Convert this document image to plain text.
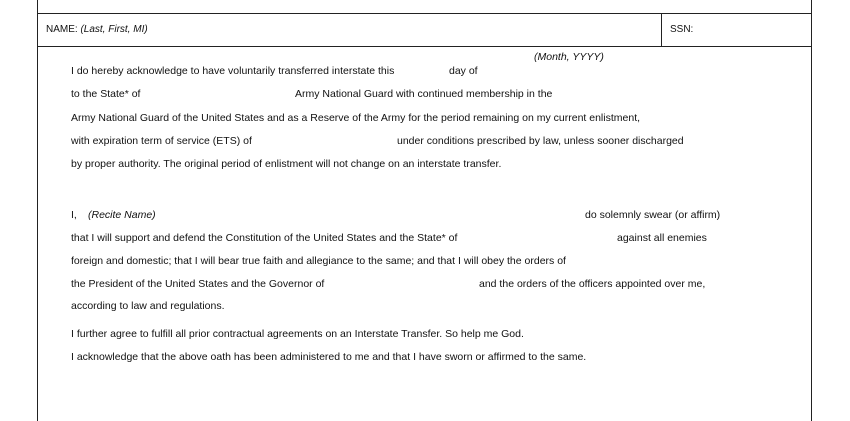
NAME: (Last, First, MI)	SSN:
(Month, YYYY)
I do hereby acknowledge to have voluntarily transferred interstate this	day of
to the State* of	Army National Guard with continued membership in the
Army National Guard of the United States and as a Reserve of the Army for the period remaining on my current enlistment,
with expiration term of service (ETS) of	under conditions prescribed by law, unless sooner discharged
by proper authority. The original period of enlistment will not change on an interstate transfer.
I, (Recite Name)	do solemnly swear (or affirm)
that I will support and defend the Constitution of the United States and the State* of	against all enemies
foreign and domestic; that I will bear true faith and allegiance to the same; and that I will obey the orders of
the President of the United States and the Governor of	and the orders of the officers appointed over me,
according to law and regulations.
I further agree to fulfill all prior contractual agreements on an Interstate Transfer. So help me God.
I acknowledge that the above oath has been administered to me and that I have sworn or affirmed to the same.
